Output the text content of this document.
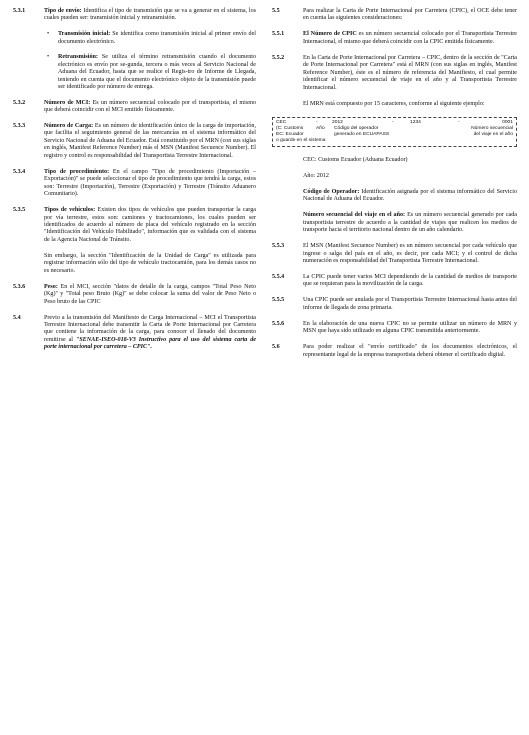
5.3.1	Tipo de envío: Identifica el tipo de transmisión que se va a generar en el sistema, los cuales pueden ser: transmisión inicial y retransmisión.
•	Transmisión inicial: Se identifica como transmisión inicial al primer envío del documento electrónico.
•	Retransmisión: Se utiliza el término retransmisión cuando el documento electrónico es envío por se-gunda, tercera o más veces al Servicio Nacional de Aduana del Ecuador, hasta que se realice el Regis-tro de Informe de Llegada, teniendo en cuenta que el documento electrónico objeto de la transmisión puede ser identificado por número de entrega.
5.3.2	Número de MCI: Es un número secuencial colocado por el transportista, el mismo que deberá coincidir con el MCI emitido físicamente.
5.3.3	Número de Carga: Es un número de identificación único de la carga de importación, que facilita el seguimiento general de las mercancías en el sistema informático del Servicio Nacional de Aduana del Ecuador. Está constituido por el MRN (con sus siglas en inglés, Manifest Reference Number) más el MSN (Manifest Secuence Number). El registro y control es responsabilidad del Transportista Terrestre Internacional.
5.3.4	Tipo de procedimiento: En el campo "Tipo de procedimiento (Importación – Exportación)" se puede seleccionar el tipo de procedimiento que tendrá la carga, estos son: Terrestre (Importación), Terrestre (Exportación) y Terrestre (Tránsito Aduanero Comunitario).
5.3.5	Tipos de vehículos: Existen dos tipos de vehículos que pueden transportar la carga por vía terrestre, estos son: camiones y tractocamiones, los cuales pueden ser identificados de acuerdo al número de placa del vehículo registrado en la sección "Identificación del Vehículo Habilitado", información que es validada con el sistema de la Agencia Nacional de Tránsito.
Sin embargo, la sección "Identificación de la Unidad de Carga" es utilizada para registrar información sólo del tipo de vehículo tractocamión, para los demás casos no es necesario.
5.3.6	Peso: En el MCI, sección "datos de detalle de la carga, campos "Total Peso Neto (Kg)" y "Total peso Bruto (Kg)" se debe colocar la suma del valor de Peso Neto o Peso bruto de las CPIC
5.4	Previo a la transmisión del Manifiesto de Carga Internacional – MCI el Transportista Terrestre Internacional debe transmitir la Carta de Porte Internacional por Carretera que contiene la información de la carga, para conocer el llenado del documento remitirse al "SENAE-ISEO-018-V3 Instructivo para el uso del sistema carta de porte internacional por carretera – CPIC".
5.5	Para realizar la Carta de Porte Internacional por Carretera (CPIC), el OCE debe tener en cuenta las siguientes consideraciones:
5.5.1	El Número de CPIC es un número secuencial colocado por el Transportista Terrestre Internacional, el mismo que deberá coincidir con la CPIC emitida físicamente.
5.5.2	En la Carta de Porte Internacional por Carretera – CPIC, dentro de la sección de "Carta de Porte Internacional por Carretera" está el MRN (con sus siglas en inglés, Manifest Reference Number), éste es el número de referencia del Manifiesto, el cual permite identificar el número secuencial de viaje en el año y al Transportista Terrestre Internacional.
El MRN está compuesto por 15 caracteres, conforme al siguiente ejemplo:
CEC	-	2012	-	1234	-	0001
(C: Customs	Año	Código del operador	Número secuencial
EC: Ecuador	generado en ECUAPASS	del viaje en el año
o guarde en el sistema
CEC: Customs Ecuador (Aduana Ecuador)
Año: 2012
Código de Operador: Identificación asignada por el sistema informático del Servicio Nacional de Aduana del Ecuador.
Número secuencial del viaje en el año: Es un número secuencial generado por cada transportista terrestre de acuerdo a la cantidad de viajes que realicen los medios de transporte hacia el territorio nacional dentro de un año calendario.
5.5.3	El MSN (Manifest Secuence Number) es un número secuencial por cada vehículo que ingrese o salga del país en el año, es decir, por cada MCI; y el control de dicha numeración es responsabilidad del Transportista Terrestre Internacional.
5.5.4	La CPIC puede tener varios MCI dependiendo de la cantidad de medios de transporte que se requieran para la movilización de la carga.
5.5.5	Una CPIC puede ser anulada por el Transportista Terrestre Internacional hasta antes del informe de llegada de zona primaria.
5.5.6	En la elaboración de una nueva CPIC no se permite utilizar un número de MRN y MSN que haya sido utilizado en alguna CPIC transmitida anteriormente.
5.6	Para poder realizar el "envío certificado" de los documentos electrónicos, el representante legal de la empresa transportista deberá obtener el certificado digital.
